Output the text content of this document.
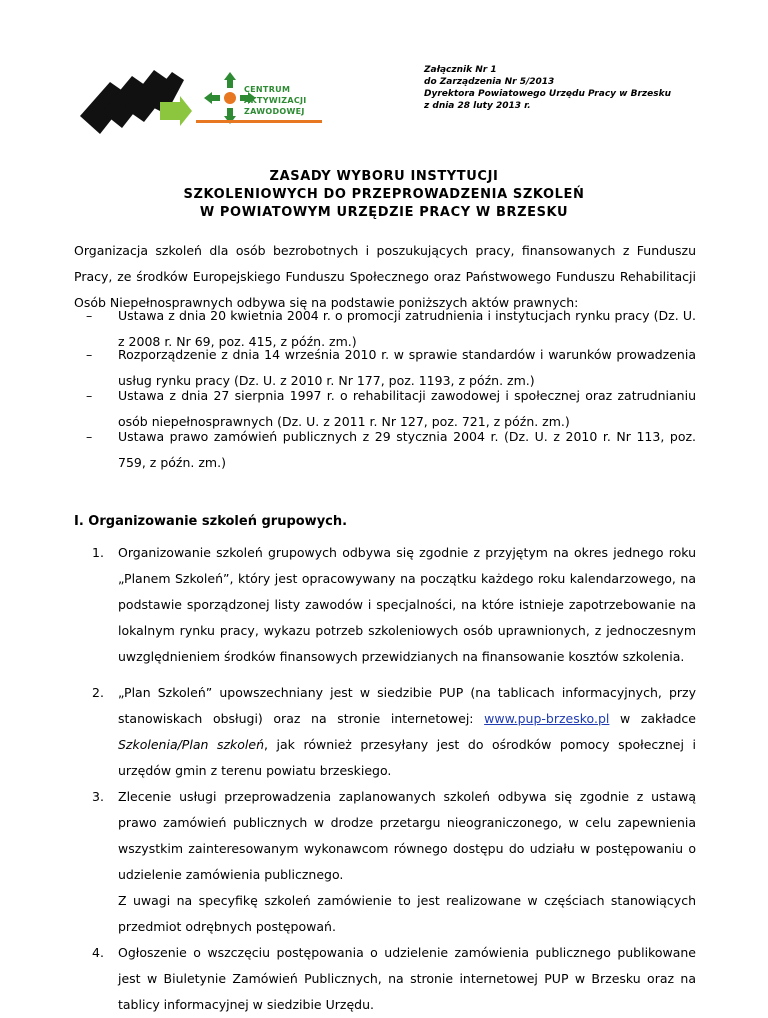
CENTRUM
AKTYWIZACJI
ZAWODOWEJ
Załącznik Nr 1
do Zarządzenia Nr 5/2013
Dyrektora Powiatowego Urzędu Pracy w Brzesku
z dnia 28 luty 2013 r.
ZASADY WYBORU INSTYTUCJI
SZKOLENIOWYCH DO PRZEPROWADZENIA SZKOLEŃ
W POWIATOWYM URZĘDZIE PRACY W BRZESKU
Organizacja szkoleń dla osób bezrobotnych i poszukujących pracy, finansowanych z Funduszu Pracy, ze środków Europejskiego Funduszu Społecznego oraz Państwowego Funduszu Rehabilitacji Osób Niepełnosprawnych odbywa się na podstawie poniższych aktów prawnych:
– Ustawa z dnia 20 kwietnia 2004 r. o promocji zatrudnienia i instytucjach rynku pracy (Dz. U. z 2008 r. Nr 69, poz. 415, z późn. zm.)
– Rozporządzenie z dnia 14 września 2010 r. w sprawie standardów i warunków prowadzenia usług rynku pracy (Dz. U. z 2010 r. Nr 177, poz. 1193, z późn. zm.)
– Ustawa z dnia 27 sierpnia 1997 r. o rehabilitacji zawodowej i społecznej oraz zatrudnianiu osób niepełnosprawnych (Dz. U. z 2011 r. Nr 127, poz. 721, z późn. zm.)
– Ustawa prawo zamówień publicznych z 29 stycznia 2004 r. (Dz. U. z 2010 r. Nr 113, poz. 759, z późn. zm.)
I. Organizowanie szkoleń grupowych.
1. Organizowanie szkoleń grupowych odbywa się zgodnie z przyjętym na okres jednego roku „Planem Szkoleń”, który jest opracowywany na początku każdego roku kalendarzowego, na podstawie sporządzonej listy zawodów i specjalności, na które istnieje zapotrzebowanie na lokalnym rynku pracy, wykazu potrzeb szkoleniowych osób uprawnionych, z jednoczesnym uwzględnieniem środków finansowych przewidzianych na finansowanie kosztów szkolenia.
2. „Plan Szkoleń” upowszechniany jest w siedzibie PUP (na tablicach informacyjnych, przy stanowiskach obsługi) oraz na stronie internetowej: www.pup-brzesko.pl w zakładce Szkolenia/Plan szkoleń, jak również przesyłany jest do ośrodków pomocy społecznej i urzędów gmin z terenu powiatu brzeskiego.
3. Zlecenie usługi przeprowadzenia zaplanowanych szkoleń odbywa się zgodnie z ustawą prawo zamówień publicznych w drodze przetargu nieograniczonego, w celu zapewnienia wszystkim zainteresowanym wykonawcom równego dostępu do udziału w postępowaniu o udzielenie zamówienia publicznego.
Z uwagi na specyfikę szkoleń zamówienie to jest realizowane w częściach stanowiących przedmiot odrębnych postępowań.
4. Ogłoszenie o wszczęciu postępowania o udzielenie zamówienia publicznego publikowane jest w Biuletynie Zamówień Publicznych, na stronie internetowej PUP w Brzesku oraz na tablicy informacyjnej w siedzibie Urzędu.
